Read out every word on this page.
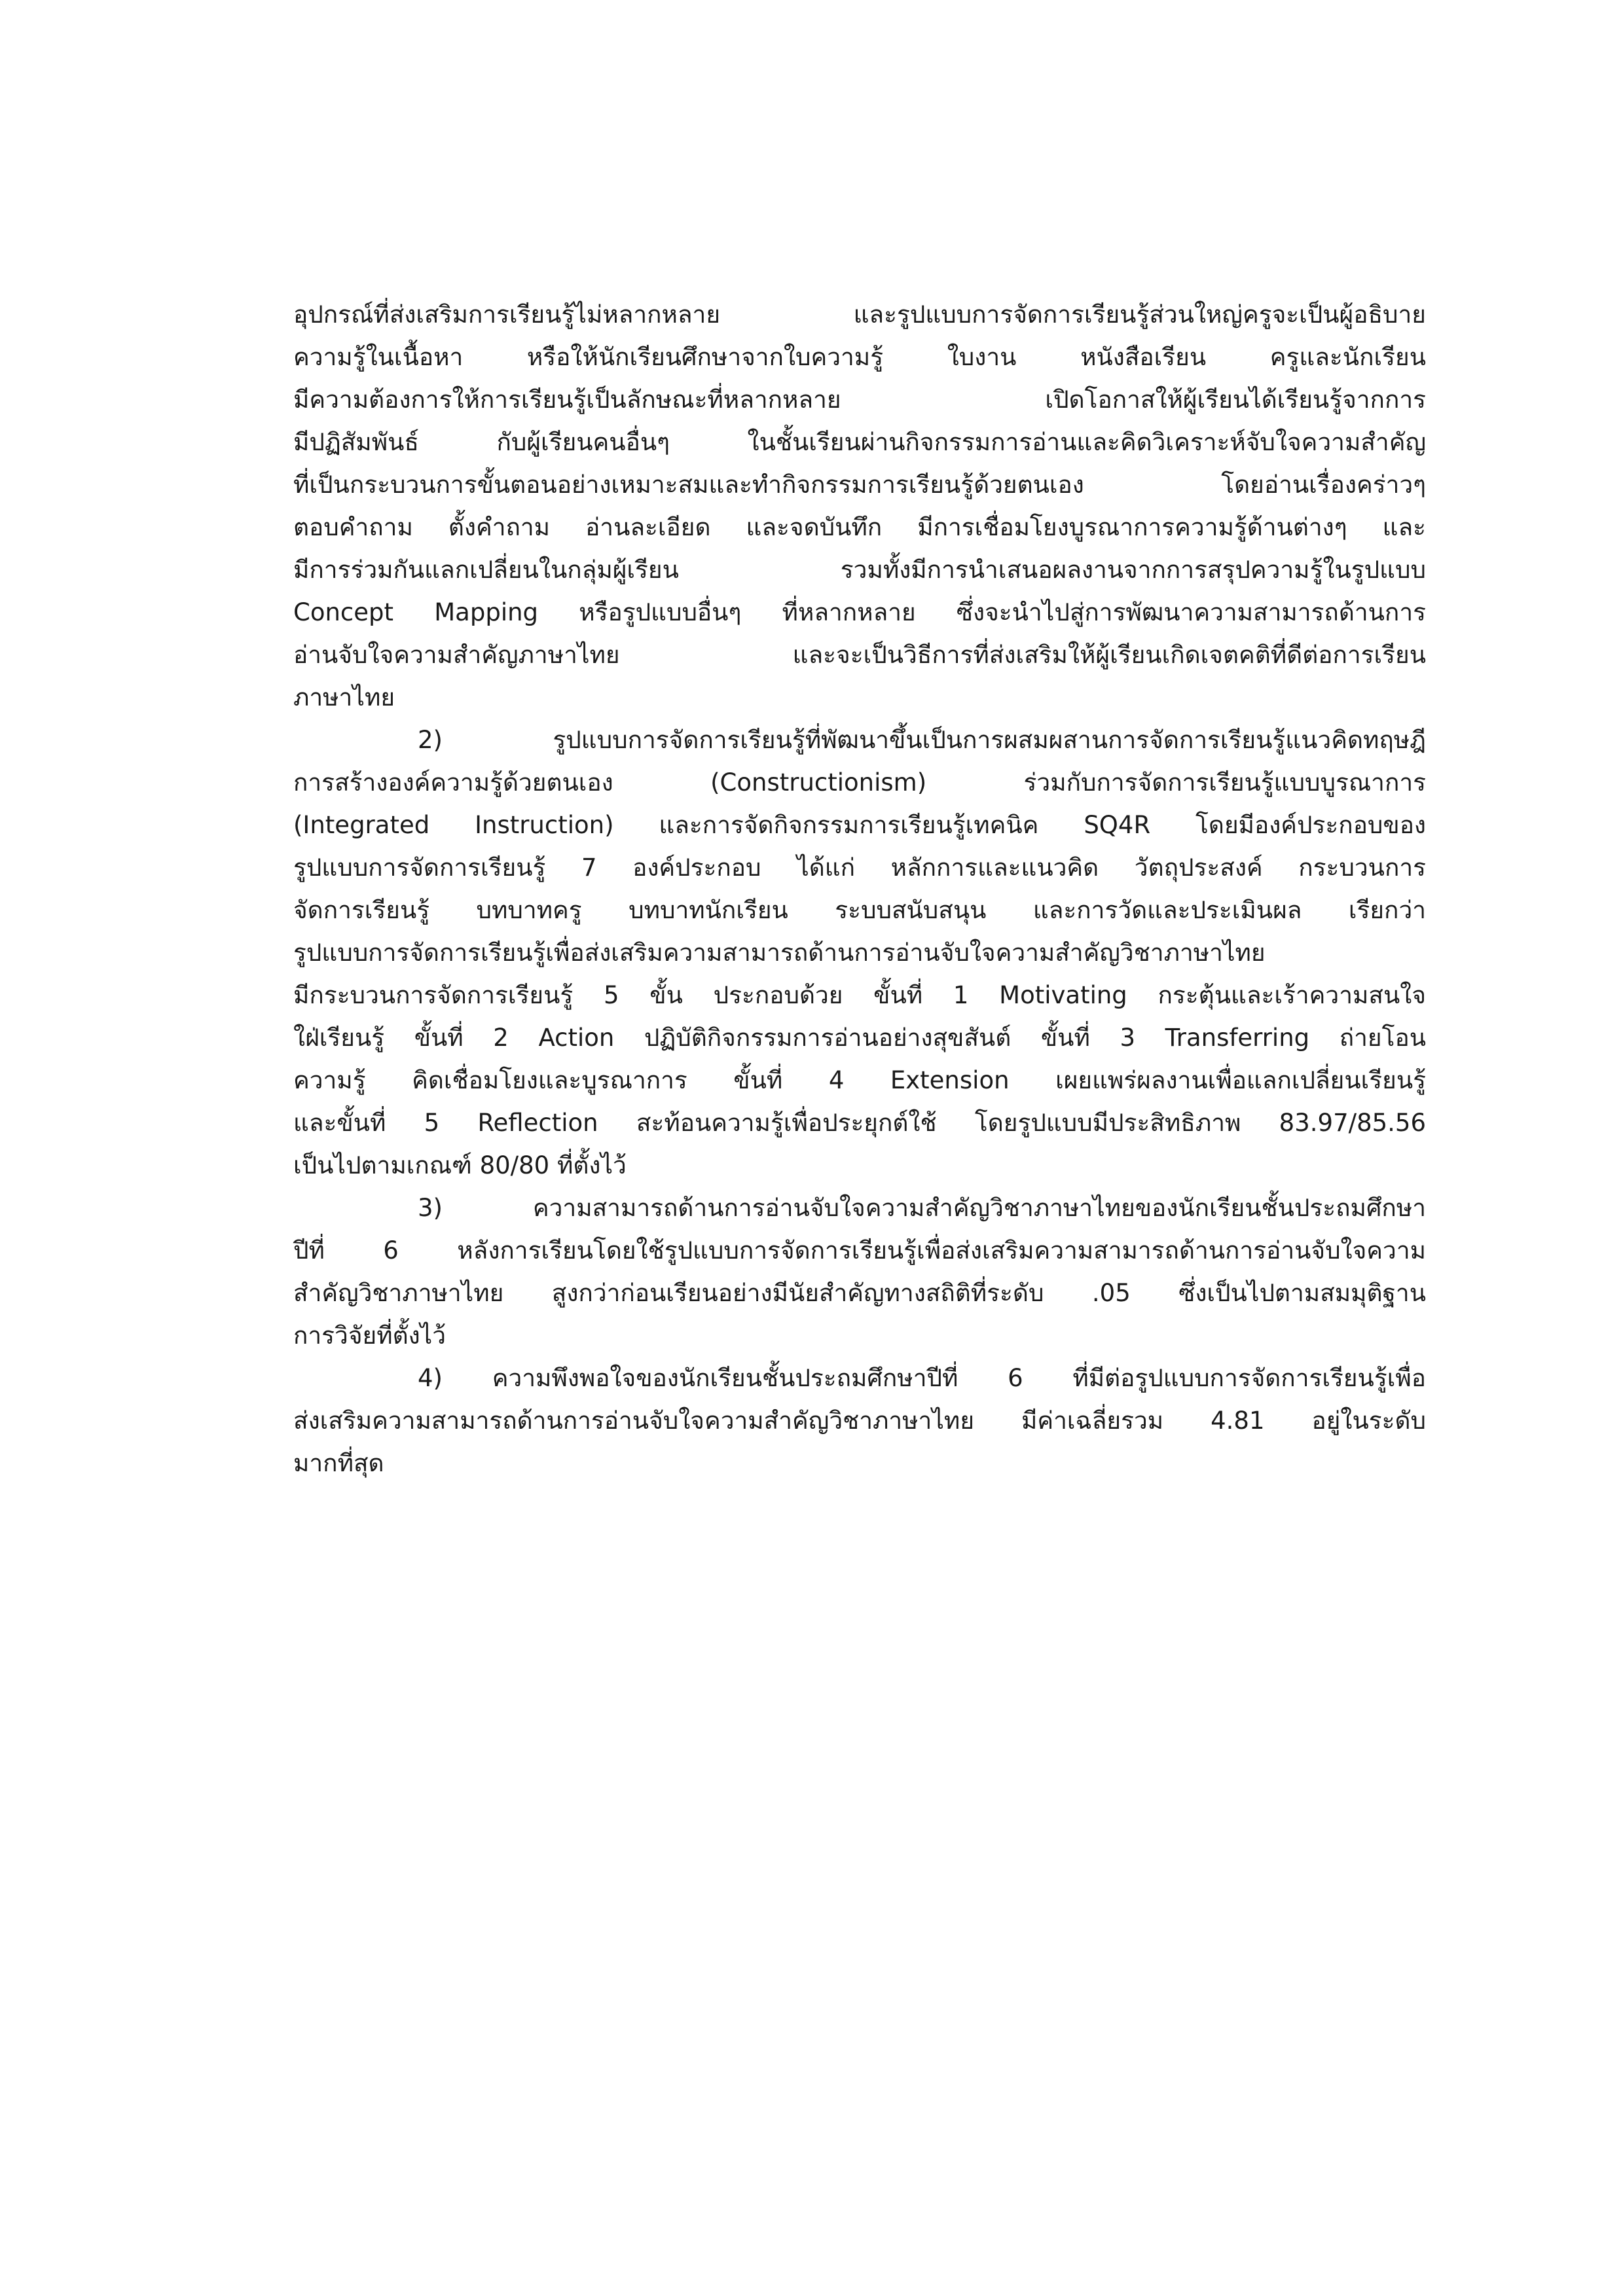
อุปกรณ์ที่ส่งเสริมการเรียนรู้ไม่หลากหลาย และรูปแบบการจัดการเรียนรู้ส่วนใหญ่ครูจะเป็นผู้อธิบาย
ความรู้ในเนื้อหา หรือให้นักเรียนศึกษาจากใบความรู้ ใบงาน หนังสือเรียน ครูและนักเรียน
มีความต้องการให้การเรียนรู้เป็นลักษณะที่หลากหลาย เปิดโอกาสให้ผู้เรียนได้เรียนรู้จากการ
มีปฏิสัมพันธ์ กับผู้เรียนคนอื่นๆ ในชั้นเรียนผ่านกิจกรรมการอ่านและคิดวิเคราะห์จับใจความสำคัญ
ที่เป็นกระบวนการขั้นตอนอย่างเหมาะสมและทำกิจกรรมการเรียนรู้ด้วยตนเอง โดยอ่านเรื่องคร่าวๆ
ตอบคำถาม ตั้งคำถาม อ่านละเอียด และจดบันทึก มีการเชื่อมโยงบูรณาการความรู้ด้านต่างๆ และ
มีการร่วมกันแลกเปลี่ยนในกลุ่มผู้เรียน รวมทั้งมีการนำเสนอผลงานจากการสรุปความรู้ในรูปแบบ
Concept Mapping หรือรูปแบบอื่นๆ ที่หลากหลาย ซึ่งจะนำไปสู่การพัฒนาความสามารถด้านการ
อ่านจับใจความสำคัญภาษาไทย และจะเป็นวิธีการที่ส่งเสริมให้ผู้เรียนเกิดเจตคติที่ดีต่อการเรียน
ภาษาไทย
2) รูปแบบการจัดการเรียนรู้ที่พัฒนาขึ้นเป็นการผสมผสานการจัดการเรียนรู้แนวคิดทฤษฎี
การสร้างองค์ความรู้ด้วยตนเอง (Constructionism) ร่วมกับการจัดการเรียนรู้แบบบูรณาการ
(Integrated Instruction) และการจัดกิจกรรมการเรียนรู้เทคนิค SQ4R โดยมีองค์ประกอบของ
รูปแบบการจัดการเรียนรู้ 7 องค์ประกอบ ได้แก่ หลักการและแนวคิด วัตถุประสงค์ กระบวนการ
จัดการเรียนรู้ บทบาทครู บทบาทนักเรียน ระบบสนับสนุน และการวัดและประเมินผล เรียกว่า
รูปแบบการจัดการเรียนรู้เพื่อส่งเสริมความสามารถด้านการอ่านจับใจความสำคัญวิชาภาษาไทย
มีกระบวนการจัดการเรียนรู้ 5 ขั้น ประกอบด้วย ขั้นที่ 1 Motivating กระตุ้นและเร้าความสนใจ
ใฝ่เรียนรู้ ขั้นที่ 2 Action ปฏิบัติกิจกรรมการอ่านอย่างสุขสันต์ ขั้นที่ 3 Transferring ถ่ายโอน
ความรู้ คิดเชื่อมโยงและบูรณาการ ขั้นที่ 4 Extension เผยแพร่ผลงานเพื่อแลกเปลี่ยนเรียนรู้
และขั้นที่ 5 Reflection สะท้อนความรู้เพื่อประยุกต์ใช้ โดยรูปแบบมีประสิทธิภาพ 83.97/85.56
เป็นไปตามเกณฑ์ 80/80 ที่ตั้งไว้
3) ความสามารถด้านการอ่านจับใจความสำคัญวิชาภาษาไทยของนักเรียนชั้นประถมศึกษา
ปีที่ 6 หลังการเรียนโดยใช้รูปแบบการจัดการเรียนรู้เพื่อส่งเสริมความสามารถด้านการอ่านจับใจความ
สำคัญวิชาภาษาไทย สูงกว่าก่อนเรียนอย่างมีนัยสำคัญทางสถิติที่ระดับ .05 ซึ่งเป็นไปตามสมมุติฐาน
การวิจัยที่ตั้งไว้
4) ความพึงพอใจของนักเรียนชั้นประถมศึกษาปีที่ 6 ที่มีต่อรูปแบบการจัดการเรียนรู้เพื่อ
ส่งเสริมความสามารถด้านการอ่านจับใจความสำคัญวิชาภาษาไทย มีค่าเฉลี่ยรวม 4.81 อยู่ในระดับ
มากที่สุด
